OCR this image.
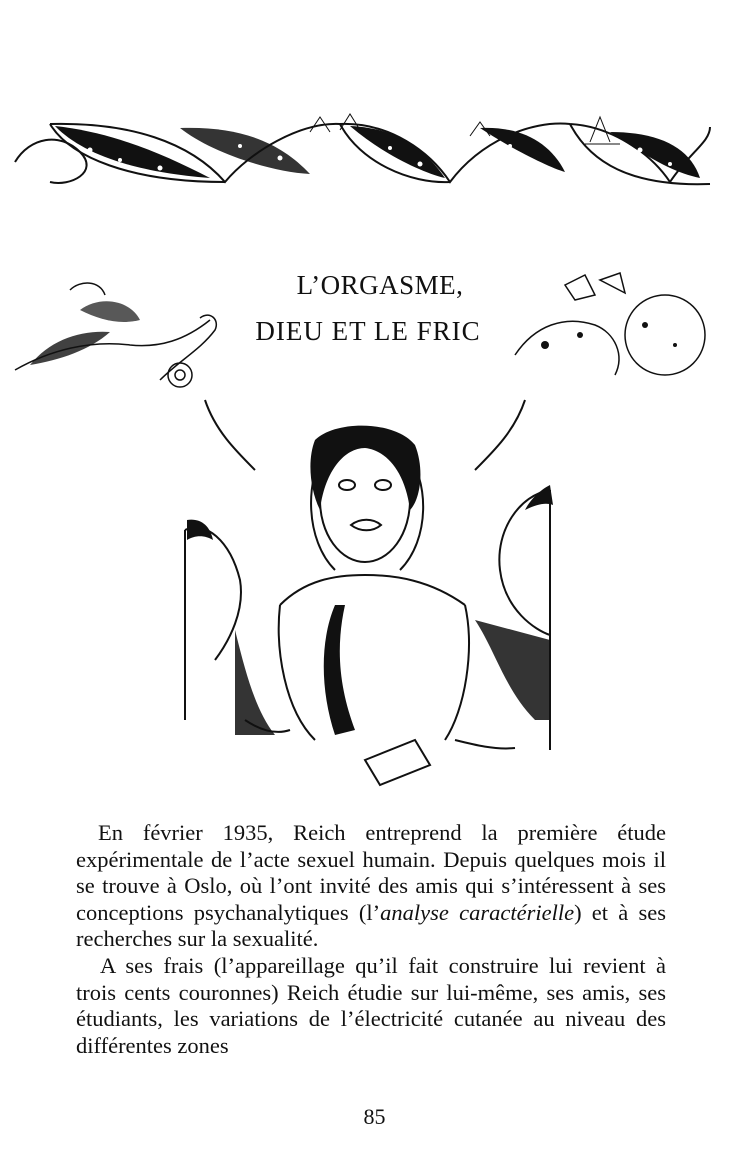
L’ORGASME,
DIEU ET LE FRIC

En février 1935, Reich entreprend la première étude expérimentale de l’acte sexuel humain. Depuis quelques mois il se trouve à Oslo, où l’ont invité des amis qui s’intéressent à ses conceptions psychanalytiques (l’analyse caractérielle) et à ses recherches sur la sexualité.

A ses frais (l’appareillage qu’il fait construire lui revient à trois cents couronnes) Reich étudie sur lui-même, ses amis, ses étudiants, les variations de l’électricité cutanée au niveau des différentes zones

85
